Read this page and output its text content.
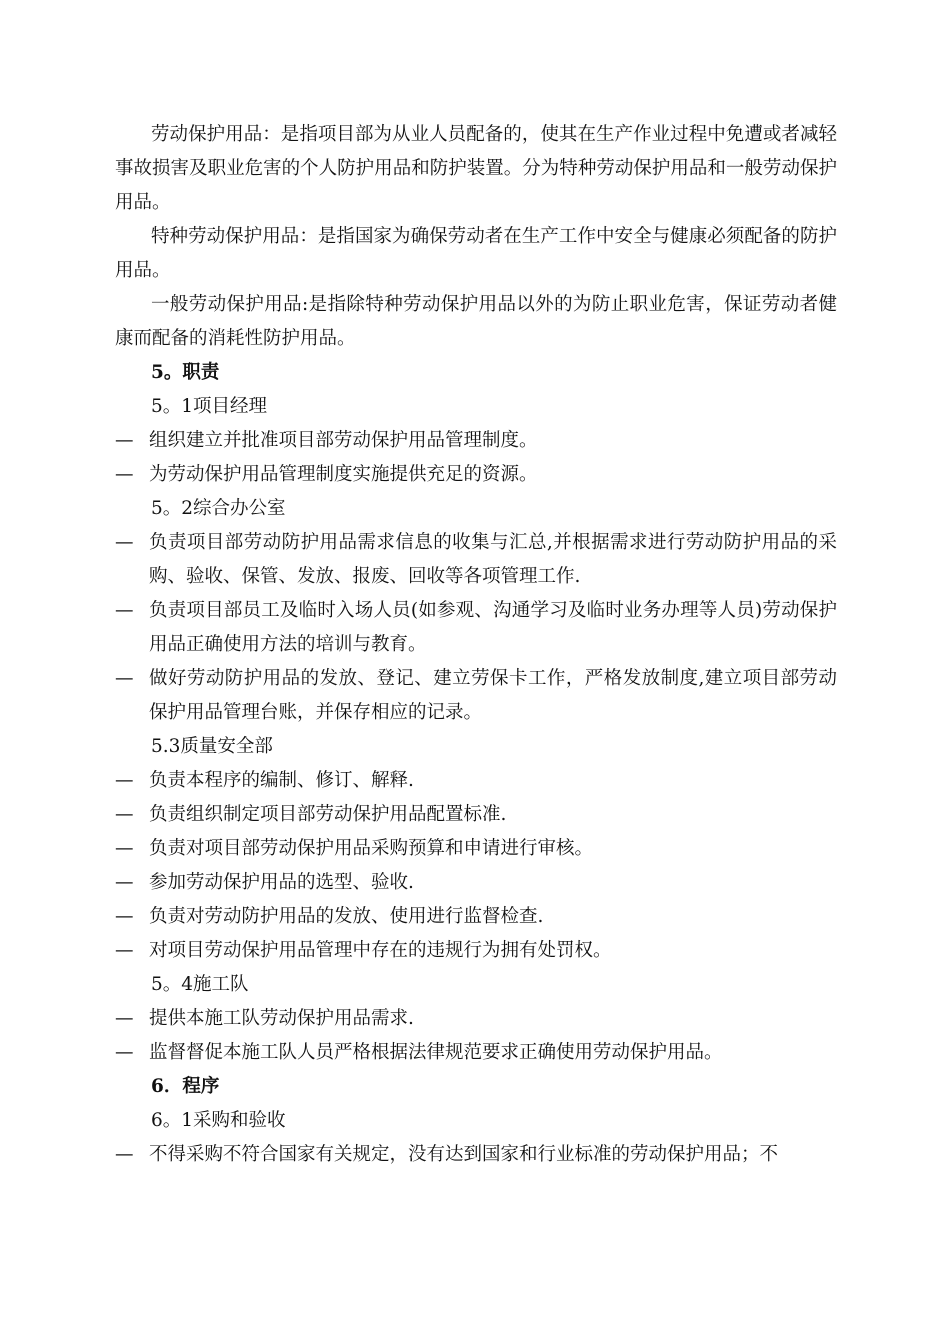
劳动保护用品：是指项目部为从业人员配备的，使其在生产作业过程中免遭或者减轻事故损害及职业危害的个人防护用品和防护装置。分为特种劳动保护用品和一般劳动保护用品。

特种劳动保护用品：是指国家为确保劳动者在生产工作中安全与健康必须配备的防护用品。

一般劳动保护用品:是指除特种劳动保护用品以外的为防止职业危害，保证劳动者健康而配备的消耗性防护用品。

5。职责

5。1项目经理

— 组织建立并批准项目部劳动保护用品管理制度。
— 为劳动保护用品管理制度实施提供充足的资源。

5。2综合办公室

— 负责项目部劳动防护用品需求信息的收集与汇总,并根据需求进行劳动防护用品的采购、验收、保管、发放、报废、回收等各项管理工作.
— 负责项目部员工及临时入场人员(如参观、沟通学习及临时业务办理等人员)劳动保护用品正确使用方法的培训与教育。
— 做好劳动防护用品的发放、登记、建立劳保卡工作，严格发放制度,建立项目部劳动保护用品管理台账，并保存相应的记录。

5.3质量安全部

— 负责本程序的编制、修订、解释.
— 负责组织制定项目部劳动保护用品配置标准.
— 负责对项目部劳动保护用品采购预算和申请进行审核。
— 参加劳动保护用品的选型、验收.
— 负责对劳动防护用品的发放、使用进行监督检查.
— 对项目劳动保护用品管理中存在的违规行为拥有处罚权。

5。4施工队

— 提供本施工队劳动保护用品需求.
— 监督督促本施工队人员严格根据法律规范要求正确使用劳动保护用品。

6．程序

6。1采购和验收

— 不得采购不符合国家有关规定，没有达到国家和行业标准的劳动保护用品；不
